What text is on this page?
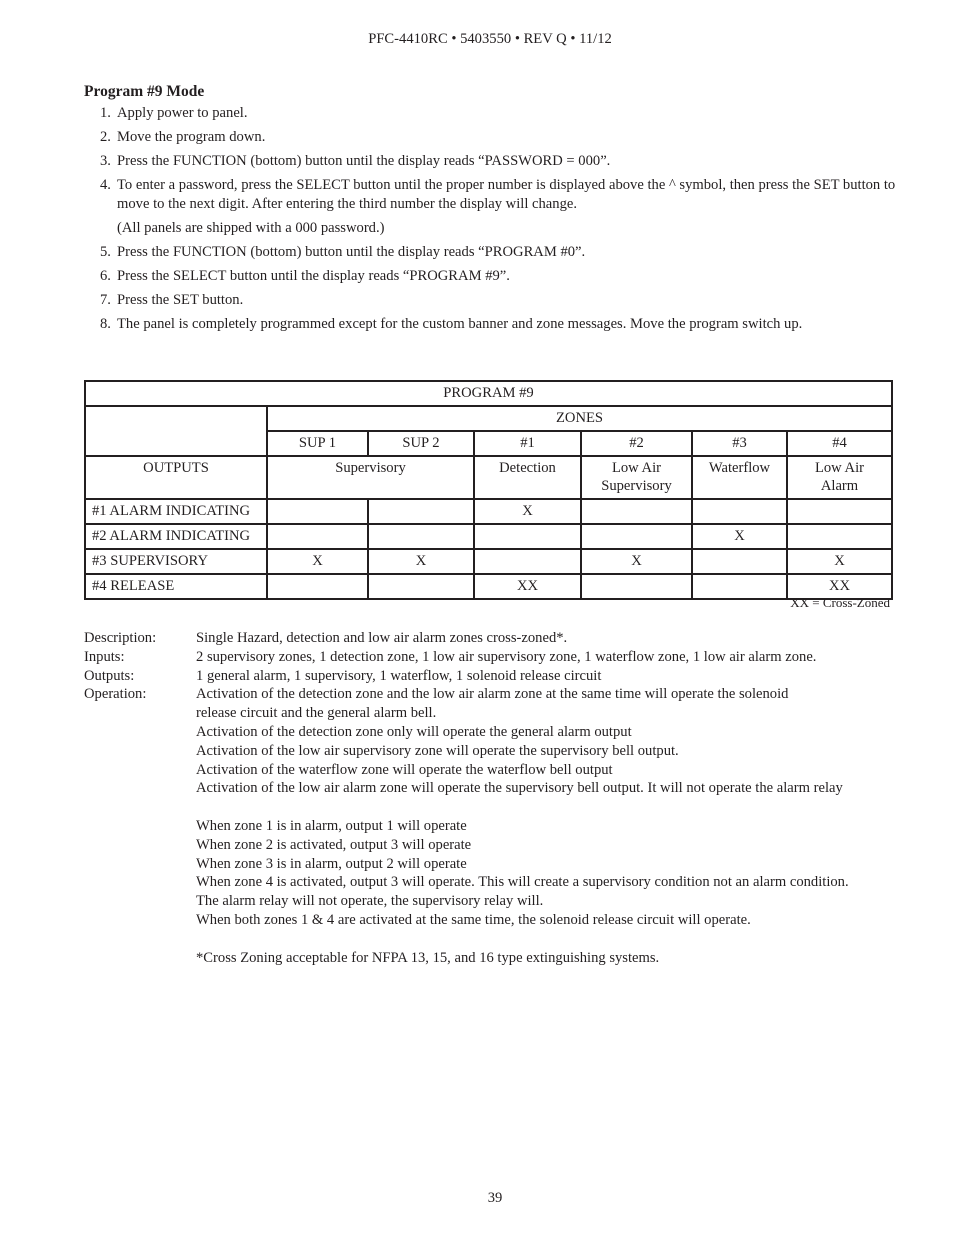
PFC-4410RC • 5403550 • REV Q • 11/12
Program #9 Mode
1. Apply power to panel.
2. Move the program down.
3. Press the FUNCTION (bottom) button until the display reads “PASSWORD = 000”.
4. To enter a password, press the SELECT button until the proper number is displayed above the ^ symbol, then press the SET button to move to the next digit. After entering the third number the display will change.
(All panels are shipped with a 000 password.)
5. Press the FUNCTION (bottom) button until the display reads “PROGRAM #0”.
6. Press the SELECT button until the display reads “PROGRAM #9”.
7. Press the SET button.
8. The panel is completely programmed except for the custom banner and zone messages. Move the program switch up.
PROGRAM #9						
	ZONES					
	SUP 1	SUP 2	#1	#2	#3	#4
OUTPUTS	Supervisory		Detection	Low Air Supervisory	Waterflow	Low Air Alarm
#1 ALARM INDICATING			X			
#2 ALARM INDICATING					X	
#3 SUPERVISORY	X	X		X		X
#4 RELEASE			XX			XX
XX = Cross-Zoned
Description:	Single Hazard, detection and low air alarm zones cross-zoned*.
Inputs:	2 supervisory zones, 1 detection zone, 1 low air supervisory zone, 1 waterflow zone, 1 low air alarm zone.
Outputs:	1 general alarm, 1 supervisory, 1 waterflow, 1 solenoid release circuit
Operation:	Activation of the detection zone and the low air alarm zone at the same time will operate the solenoid
release circuit and the general alarm bell.
Activation of the detection zone only will operate the general alarm output
Activation of the low air supervisory zone will operate the supervisory bell output.
Activation of the waterflow zone will operate the waterflow bell output
Activation of the low air alarm zone will operate the supervisory bell output. It will not operate the alarm relay
When zone 1 is in alarm, output 1 will operate
When zone 2 is activated, output 3 will operate
When zone 3 is in alarm, output 2 will operate
When zone 4 is activated, output 3 will operate. This will create a supervisory condition not an alarm condition.
The alarm relay will not operate, the supervisory relay will.
When both zones 1 & 4 are activated at the same time, the solenoid release circuit will operate.
*Cross Zoning acceptable for NFPA 13, 15, and 16 type extinguishing systems.
39
